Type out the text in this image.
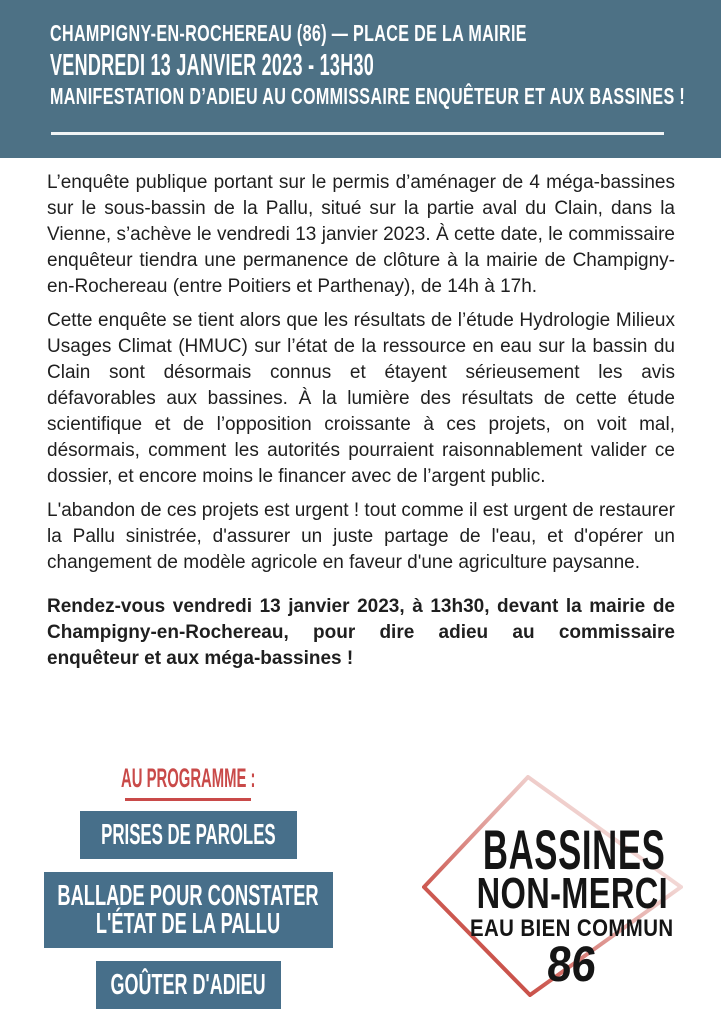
CHAMPIGNY-EN-ROCHEREAU (86) — PLACE DE LA MAIRIE
VENDREDI 13 JANVIER 2023 - 13H30
MANIFESTATION D’ADIEU AU COMMISSAIRE ENQUÊTEUR ET AUX BASSINES !

L’enquête publique portant sur le permis d’aménager de 4 méga-bassines sur le sous-bassin de la Pallu, situé sur la partie aval du Clain, dans la Vienne, s’achève le vendredi 13 janvier 2023. À cette date, le commissaire enquêteur tiendra une permanence de clôture à la mairie de Champigny-en-Rochereau (entre Poitiers et Parthenay), de 14h à 17h.

Cette enquête se tient alors que les résultats de l’étude Hydrologie Milieux Usages Climat (HMUC) sur l’état de la ressource en eau sur la bassin du Clain sont désormais connus et étayent sérieusement les avis défavorables aux bassines. À la lumière des résultats de cette étude scientifique et de l’opposition croissante à ces projets, on voit mal, désormais, comment les autorités pourraient raisonnablement valider ce dossier, et encore moins le financer avec de l’argent public.

L'abandon de ces projets est urgent ! tout comme il est urgent de restaurer la Pallu sinistrée, d'assurer un juste partage de l'eau, et d'opérer un changement de modèle agricole en faveur d'une agriculture paysanne.

Rendez-vous vendredi 13 janvier 2023, à 13h30, devant la mairie de Champigny-en-Rochereau, pour dire adieu au commissaire enquêteur et aux méga-bassines !

AU PROGRAMME :
PRISES DE PAROLES
BALLADE POUR CONSTATER L'ÉTAT DE LA PALLU
GOÛTER D'ADIEU
BASSINES
NON-MERCI
EAU BIEN COMMUN
86
